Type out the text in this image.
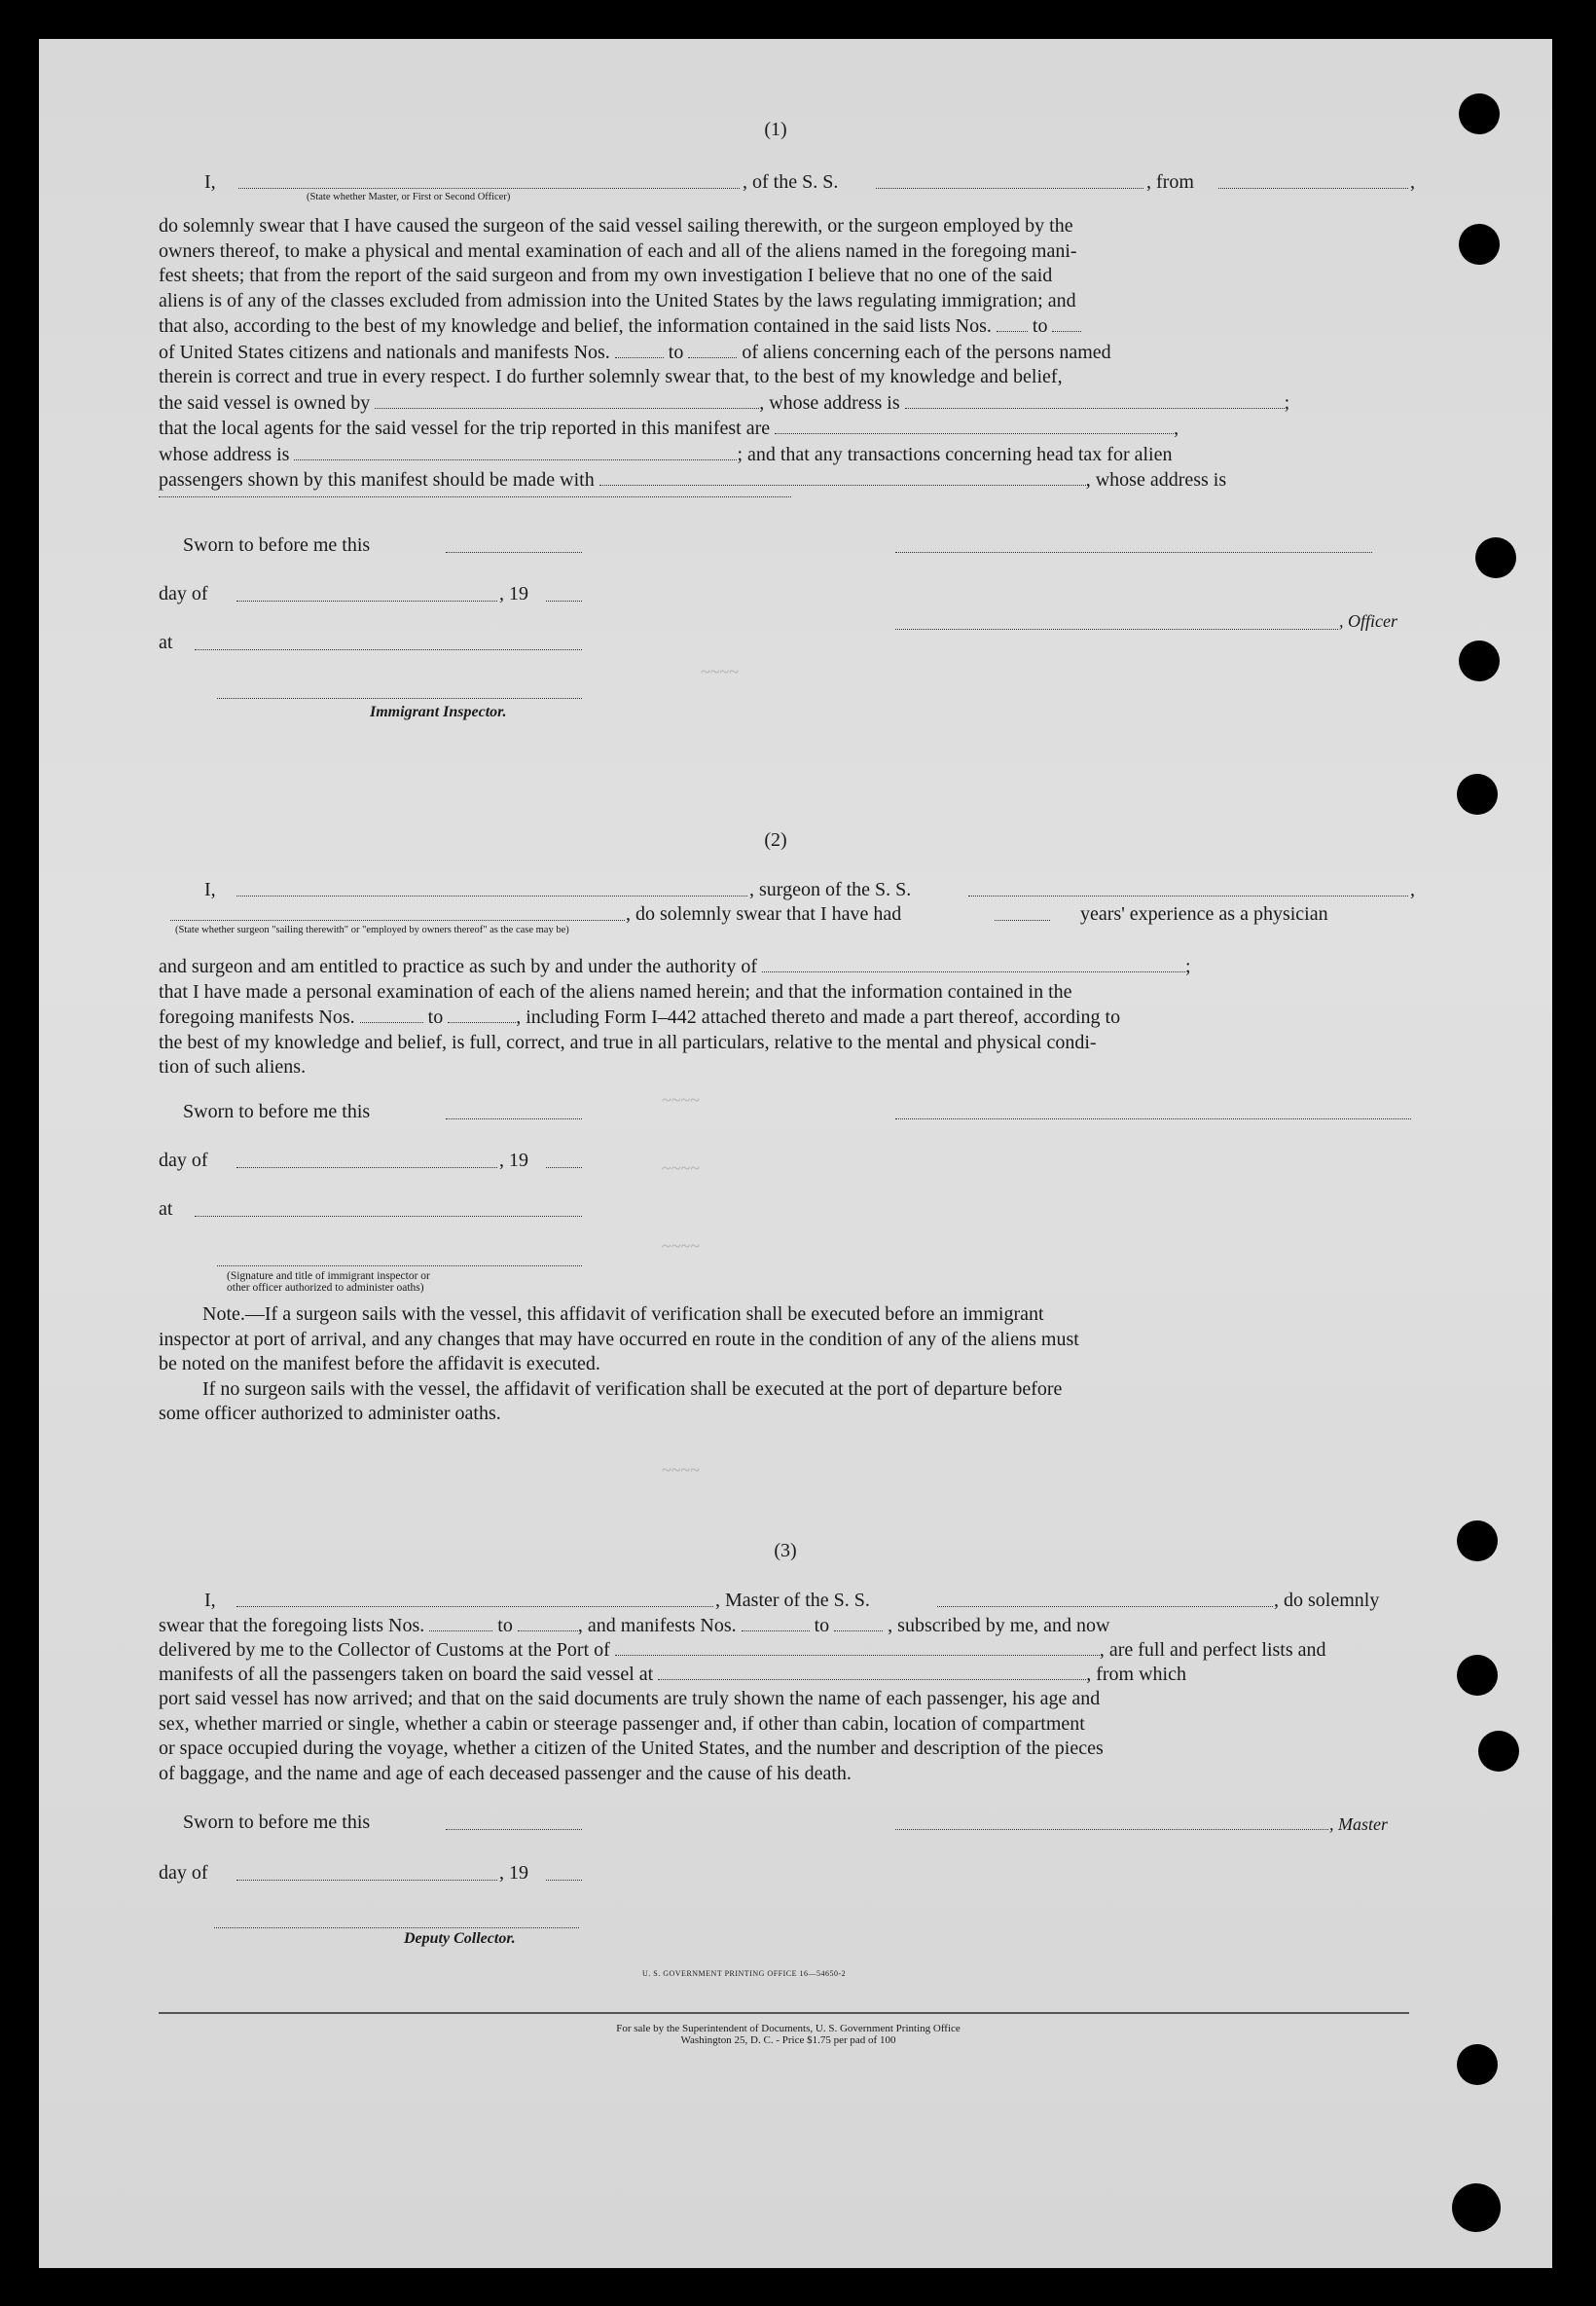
~~~~
~~~~
~~~~
~~~~
~~~~
(1)
I,
(State whether Master, or First or Second Officer)
, of the S. S.	, from	,
do solemnly swear that I have caused the surgeon of the said vessel sailing therewith, or the surgeon employed by the
owners thereof, to make a physical and mental examination of each and all of the aliens named in the foregoing mani-
fest sheets; that from the report of the said surgeon and from my own investigation I believe that no one of the said
aliens is of any of the classes excluded from admission into the United States by the laws regulating immigration; and
that also, according to the best of my knowledge and belief, the information contained in the said lists Nos. to
of United States citizens and nationals and manifests Nos.	to	of aliens concerning each of the persons named
therein is correct and true in every respect. I do further solemnly swear that, to the best of my knowledge and belief,
the said vessel is owned by	, whose address is	;
that the local agents for the said vessel for the trip reported in this manifest are	,
whose address is	; and that any transactions concerning head tax for alien
passengers shown by this manifest should be made with	, whose address is
Sworn to before me this
day of	, 19
, Officer
at
Immigrant Inspector.
(2)
I,	, surgeon of the S. S.	,
, do solemnly swear that I have had	years' experience as a physician
(State whether surgeon "sailing therewith" or "employed by owners thereof" as the case may be)
and surgeon and am entitled to practice as such by and under the authority of	;
that I have made a personal examination of each of the aliens named herein; and that the information contained in the
foregoing manifests Nos.	to	, including Form I–442 attached thereto and made a part thereof, according to
the best of my knowledge and belief, is full, correct, and true in all particulars, relative to the mental and physical condi-
tion of such aliens.
Sworn to before me this
day of	, 19
at
(Signature and title of immigrant inspector or
other officer authorized to administer oaths)
Note.—If a surgeon sails with the vessel, this affidavit of verification shall be executed before an immigrant
inspector at port of arrival, and any changes that may have occurred en route in the condition of any of the aliens must
be noted on the manifest before the affidavit is executed.
If no surgeon sails with the vessel, the affidavit of verification shall be executed at the port of departure before
some officer authorized to administer oaths.
(3)
I,	, Master of the S. S.	, do solemnly
swear that the foregoing lists Nos.	to	, and manifests Nos.	to	, subscribed by me, and now
delivered by me to the Collector of Customs at the Port of	, are full and perfect lists and
manifests of all the passengers taken on board the said vessel at	, from which
port said vessel has now arrived; and that on the said documents are truly shown the name of each passenger, his age and
sex, whether married or single, whether a cabin or steerage passenger and, if other than cabin, location of compartment
or space occupied during the voyage, whether a citizen of the United States, and the number and description of the pieces
of baggage, and the name and age of each deceased passenger and the cause of his death.
Sworn to before me this	, Master
day of	, 19
Deputy Collector.
U. S. GOVERNMENT PRINTING OFFICE 16—54650-2
For sale by the Superintendent of Documents, U. S. Government Printing Office
Washington 25, D. C. - Price $1.75 per pad of 100
